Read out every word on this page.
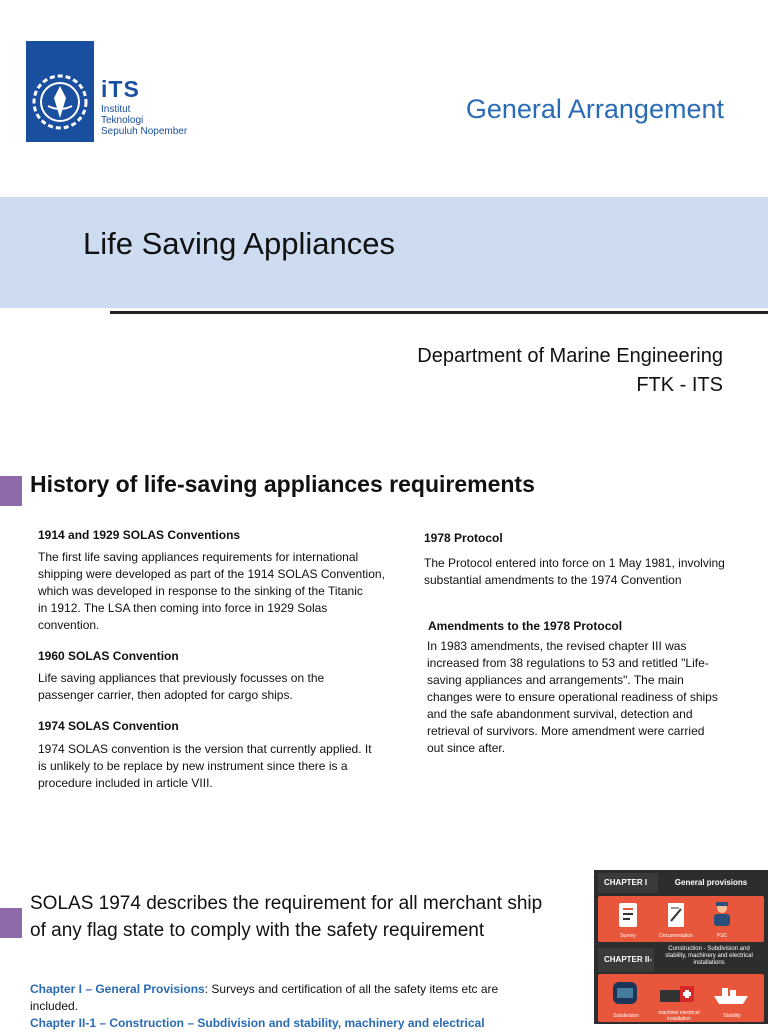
iTS
Institut
Teknologi
Sepuluh Nopember
General Arrangement
Life Saving Appliances
Department of Marine Engineering
FTK - ITS
History of life-saving appliances requirements
1914 and 1929 SOLAS Conventions
The first life saving appliances requirements for international
shipping were developed as part of the 1914 SOLAS Convention,
which was developed in response to the sinking of the Titanic
in 1912. The LSA then coming into force in 1929 Solas
convention.
1960 SOLAS Convention
Life saving appliances that previously focusses on the
passenger carrier, then adopted for cargo ships.
1974 SOLAS Convention
1974 SOLAS convention is the version that currently applied. It
is unlikely to be replace by new instrument since there is a
procedure included in article VIII.
1978 Protocol
The Protocol entered into force on 1 May 1981, involving
substantial amendments to the 1974 Convention
Amendments to the 1978 Protocol
In 1983 amendments, the revised chapter III was
increased from 38 regulations to 53 and retitled "Life-
saving appliances and arrangements". The main
changes were to ensure operational readiness of ships
and the safe abandonment survival, detection and
retrieval of survivors. More amendment were carried
out since after.
SOLAS 1974 describes the requirement for all merchant ship
of any flag state to comply with the safety requirement
Chapter I – General Provisions: Surveys and certification of all the safety items etc are
included.
Chapter II-1 – Construction – Subdivision and stability, machinery and electrical
CHAPTER I	General provisions
Survey	Documentation	PSC
CHAPTER II-
Construction - Subdivision and
stability, machinery and electrical
installations
Subdivision	machinel electrical installation	Stability
